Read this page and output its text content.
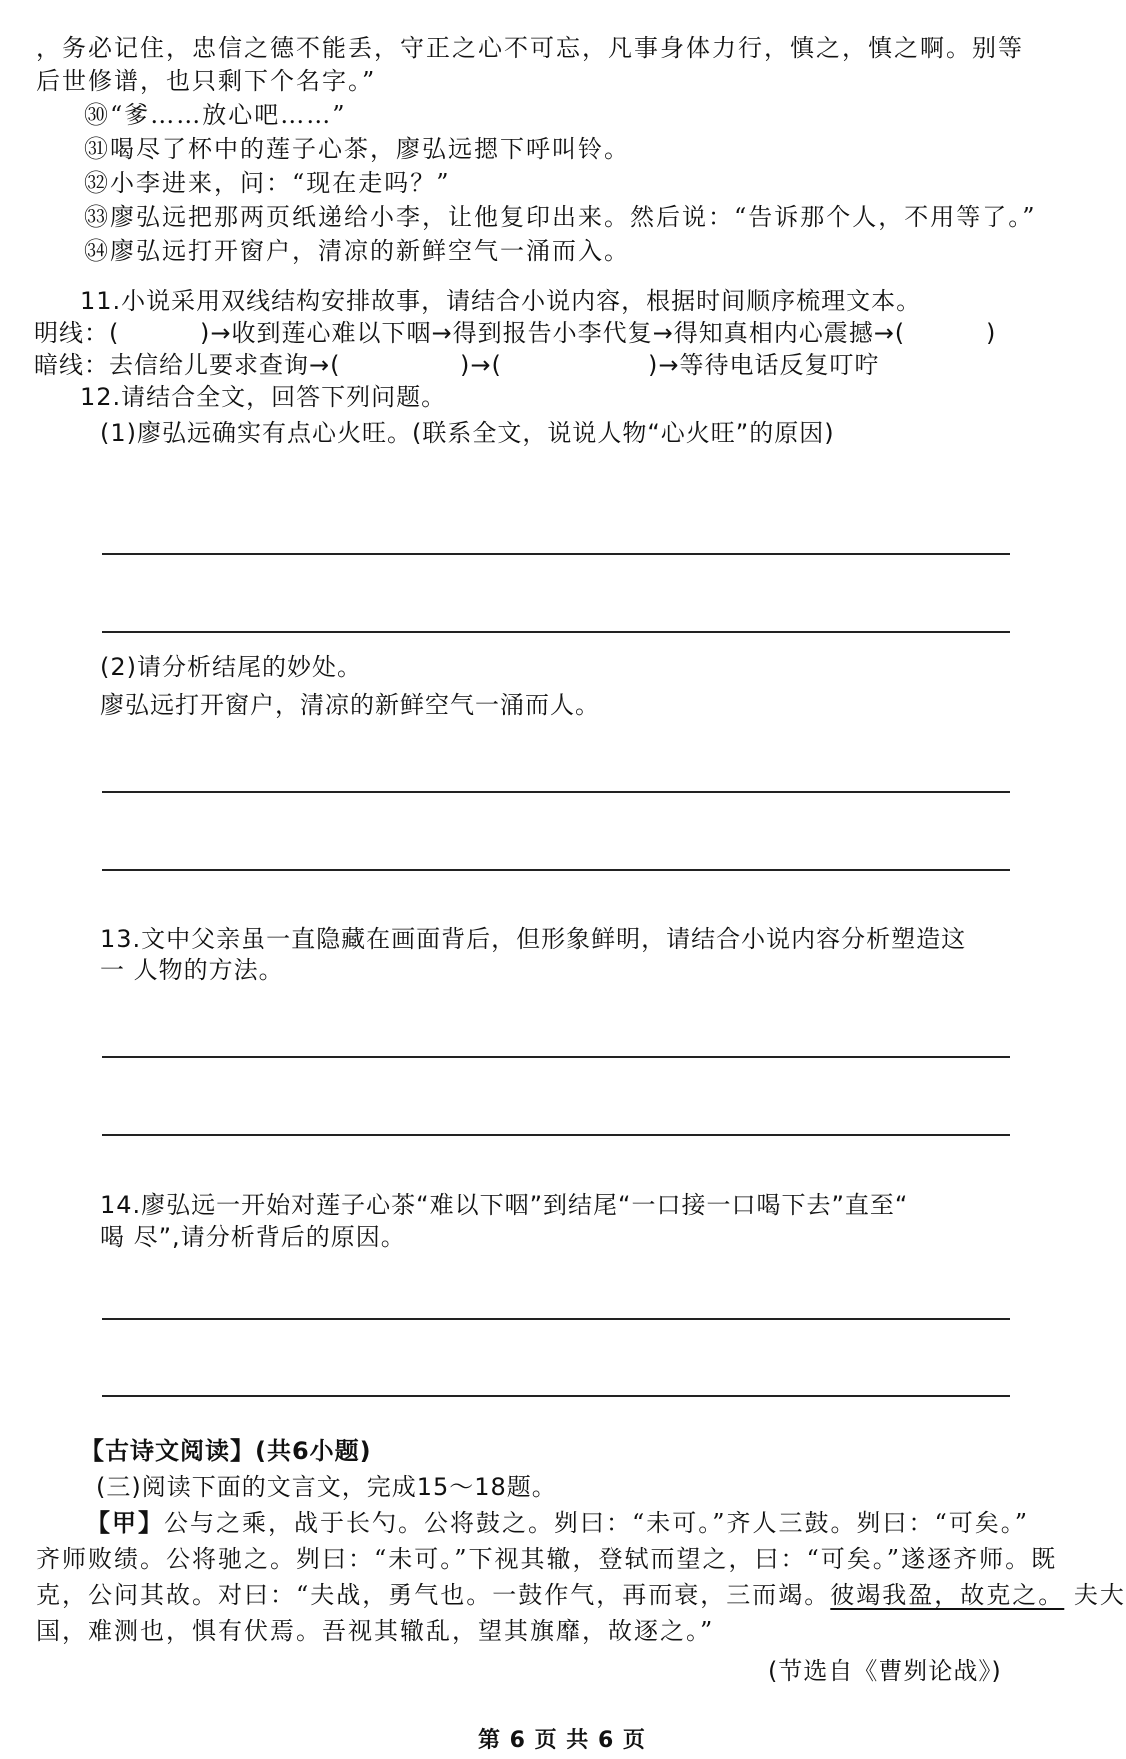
，务必记住，忠信之德不能丢，守正之心不可忘，凡事身体力行，慎之，慎之啊。别等
后世修谱，也只剩下个名字。”
㉚“爹……放心吧……”
㉛喝尽了杯中的莲子心茶，廖弘远摁下呼叫铃。
㉜小李进来，问：“现在走吗？”
㉝廖弘远把那两页纸递给小李，让他复印出来。然后说：“告诉那个人，不用等了。”
㉞廖弘远打开窗户，清凉的新鲜空气一涌而入。
11.小说采用双线结构安排故事，请结合小说内容，根据时间顺序梳理文本。
明线：(	)→收到莲心难以下咽→得到报告小李代复→得知真相内心震撼→(	)
暗线：去信给儿要求查询→(	)→(	)→等待电话反复叮咛
12.请结合全文，回答下列问题。
(1)廖弘远确实有点心火旺。(联系全文，说说人物“心火旺”的原因)
(2)请分析结尾的妙处。
廖弘远打开窗户，清凉的新鲜空气一涌而人。
13.文中父亲虽一直隐藏在画面背后，但形象鲜明，请结合小说内容分析塑造这
一 人物的方法。
14.廖弘远一开始对莲子心茶“难以下咽”到结尾“一口接一口喝下去”直至“
喝 尽”,请分析背后的原因。
【古诗文阅读】(共6小题)
(三)阅读下面的文言文，完成15～18题。
【甲】公与之乘，战于长勺。公将鼓之。刿曰：“未可。”齐人三鼓。刿曰：“可矣。”
齐师败绩。公将驰之。刿曰：“未可。”下视其辙，登轼而望之，曰：“可矣。”遂逐齐师。既
克，公问其故。对曰：“夫战，勇气也。一鼓作气，再而衰，三而竭。彼竭我盈，故克之。 夫大
国，难测也，惧有伏焉。吾视其辙乱，望其旗靡，故逐之。”
(节选自《曹刿论战》)
第 6 页 共 6 页
